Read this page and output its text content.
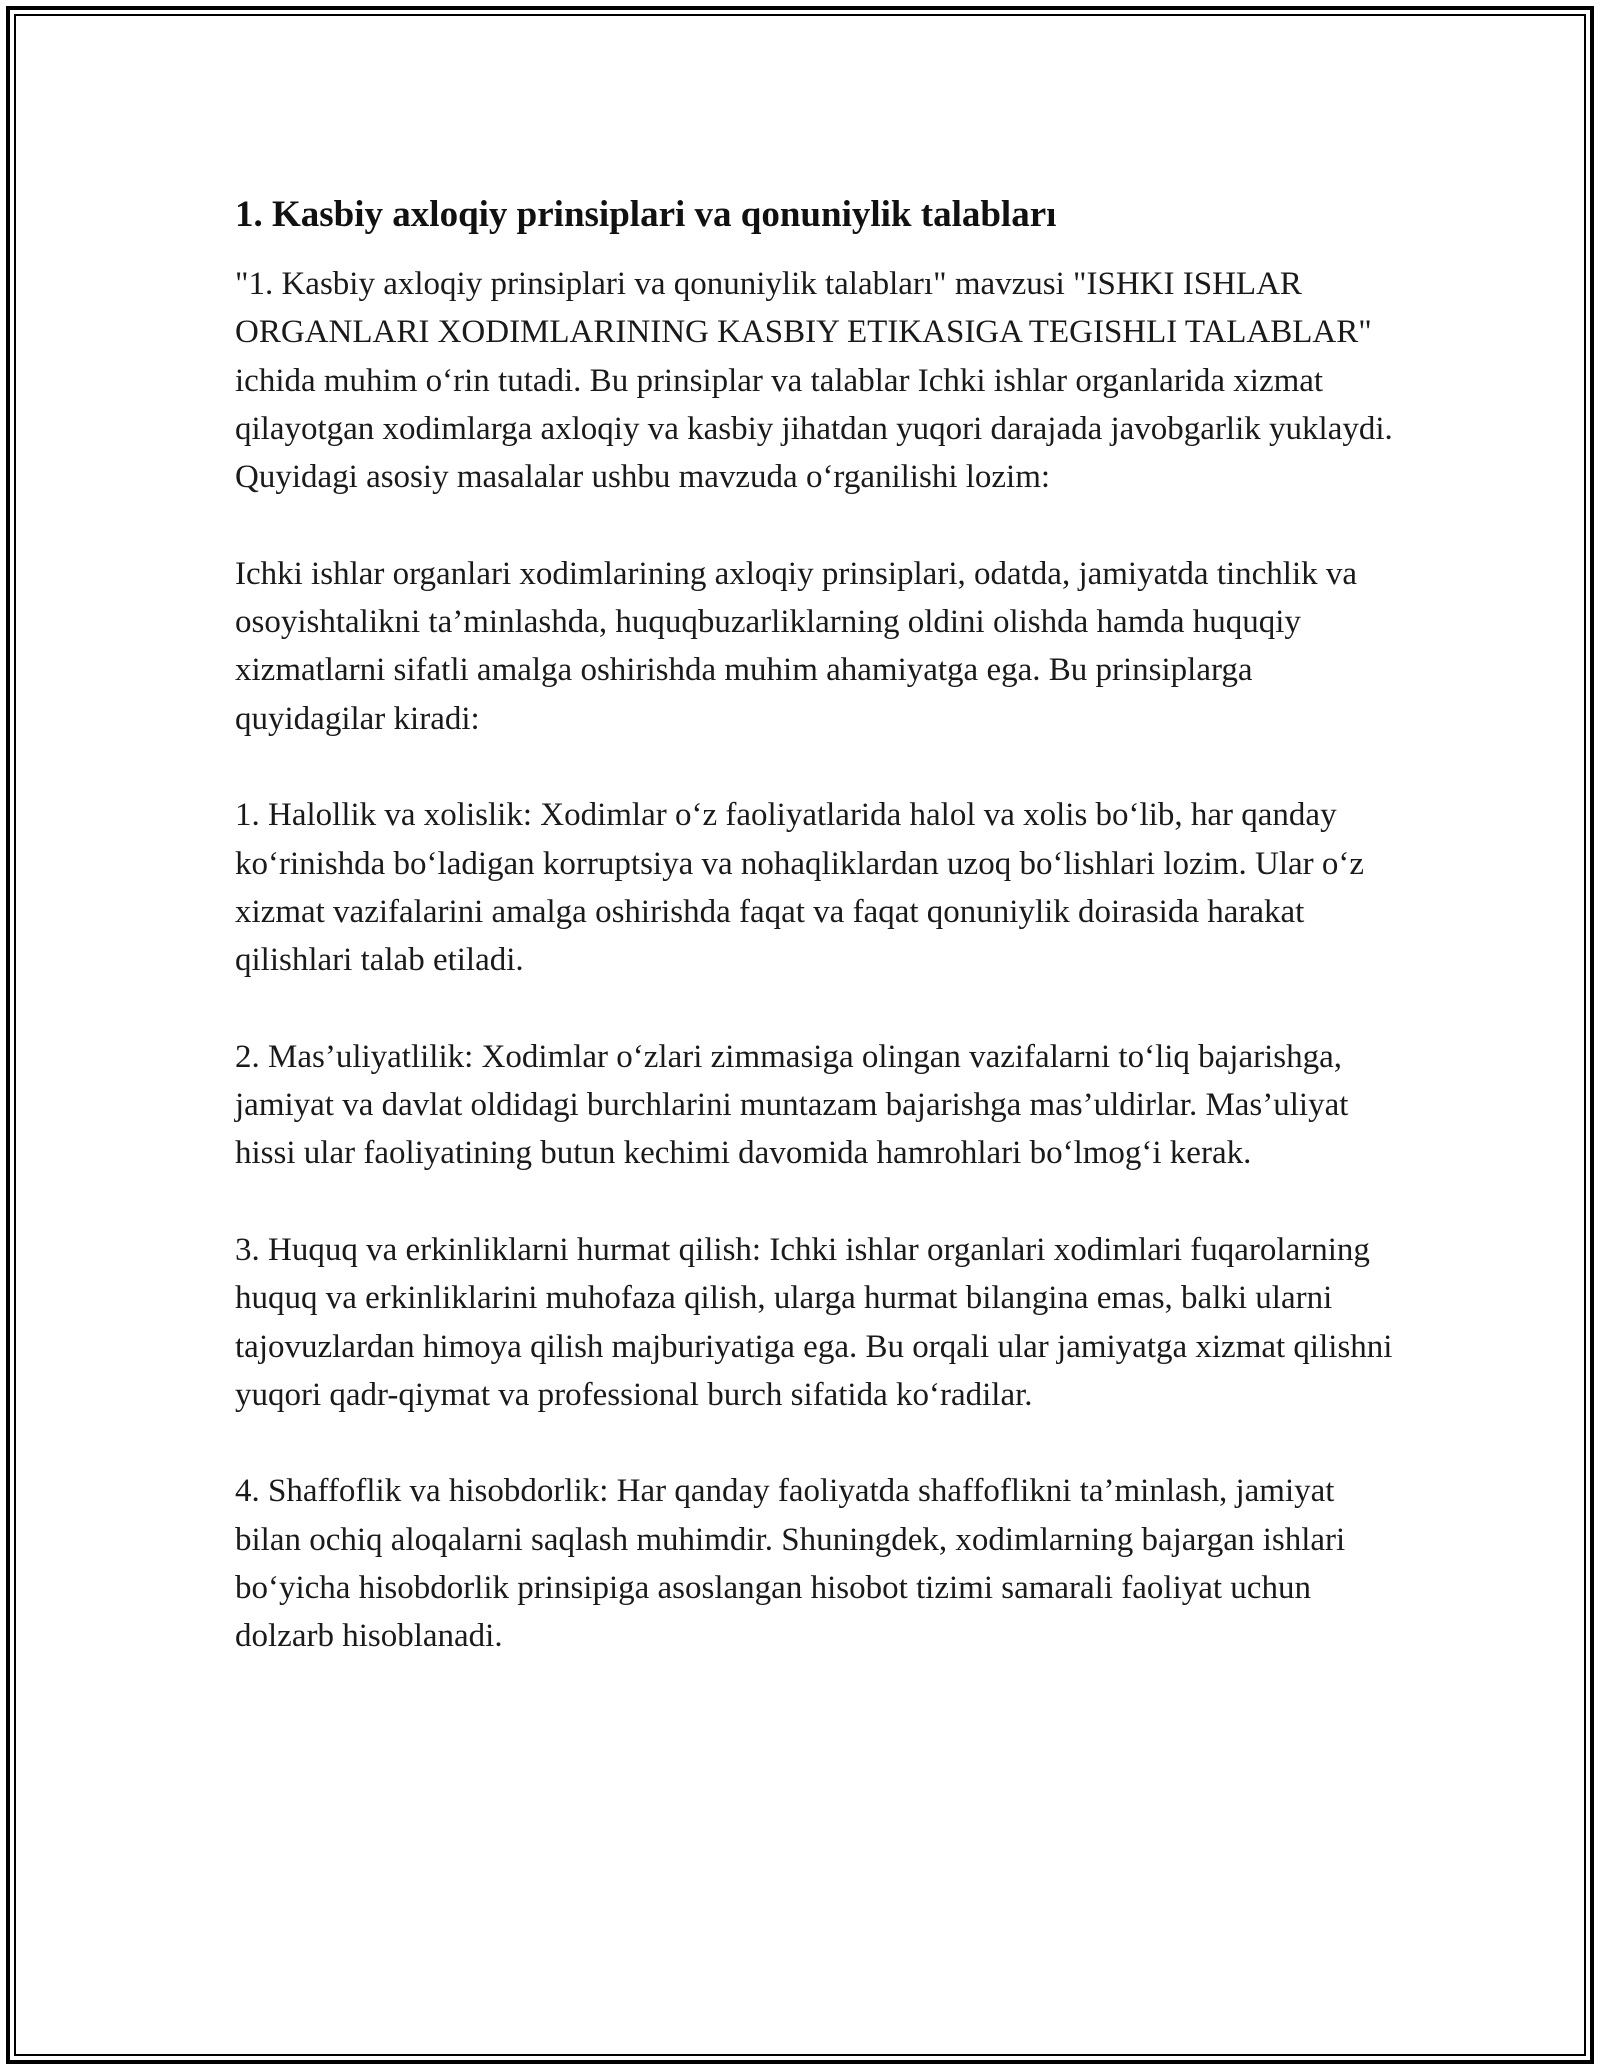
1. Kasbiy axloqiy prinsiplari va qonuniylik talabları

"1. Kasbiy axloqiy prinsiplari va qonuniylik talabları" mavzusi "ISHKI ISHLAR ORGANLARI XODIMLARINING KASBIY ETIKASIGA TEGISHLI TALABLAR" ichida muhim o‘rin tutadi. Bu prinsiplar va talablar Ichki ishlar organlarida xizmat qilayotgan xodimlarga axloqiy va kasbiy jihatdan yuqori darajada javobgarlik yuklaydi. Quyidagi asosiy masalalar ushbu mavzuda o‘rganilishi lozim:

Ichki ishlar organlari xodimlarining axloqiy prinsiplari, odatda, jamiyatda tinchlik va osoyishtalikni ta’minlashda, huquqbuzarliklarning oldini olishda hamda huquqiy xizmatlarni sifatli amalga oshirishda muhim ahamiyatga ega. Bu prinsiplarga quyidagilar kiradi:

1. Halollik va xolislik: Xodimlar o‘z faoliyatlarida halol va xolis bo‘lib, har qanday ko‘rinishda bo‘ladigan korruptsiya va nohaqliklardan uzoq bo‘lishlari lozim. Ular o‘z xizmat vazifalarini amalga oshirishda faqat va faqat qonuniylik doirasida harakat qilishlari talab etiladi.

2. Mas’uliyatlilik: Xodimlar o‘zlari zimmasiga olingan vazifalarni to‘liq bajarishga, jamiyat va davlat oldidagi burchlarini muntazam bajarishga mas’uldirlar. Mas’uliyat hissi ular faoliyatining butun kechimi davomida hamrohlari bo‘lmog‘i kerak.

3. Huquq va erkinliklarni hurmat qilish: Ichki ishlar organlari xodimlari fuqarolarning huquq va erkinliklarini muhofaza qilish, ularga hurmat bilangina emas, balki ularni tajovuzlardan himoya qilish majburiyatiga ega. Bu orqali ular jamiyatga xizmat qilishni yuqori qadr-qiymat va professional burch sifatida ko‘radilar.

4. Shaffoflik va hisobdorlik: Har qanday faoliyatda shaffoflikni ta’minlash, jamiyat bilan ochiq aloqalarni saqlash muhimdir. Shuningdek, xodimlarning bajargan ishlari bo‘yicha hisobdorlik prinsipiga asoslangan hisobot tizimi samarali faoliyat uchun dolzarb hisoblanadi.
